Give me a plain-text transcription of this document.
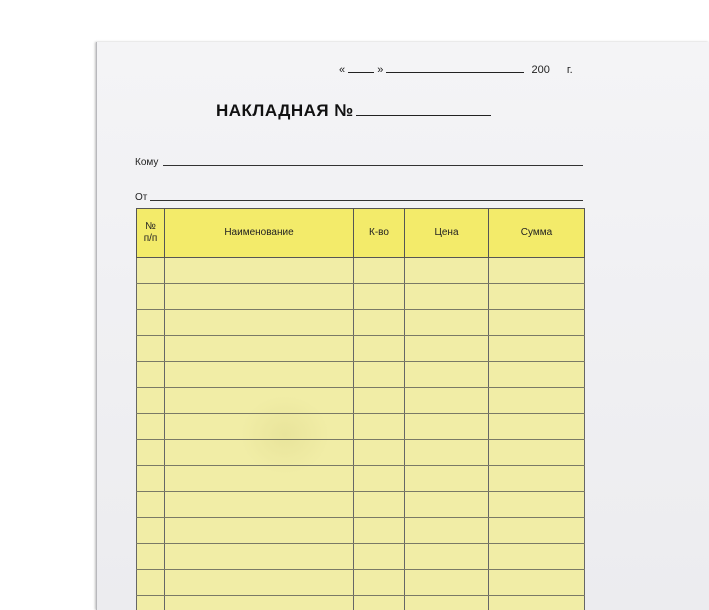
«	»	200 г.
НАКЛАДНАЯ №
Кому
От
№
п/п	Наименование	К-во	Цена	Сумма
